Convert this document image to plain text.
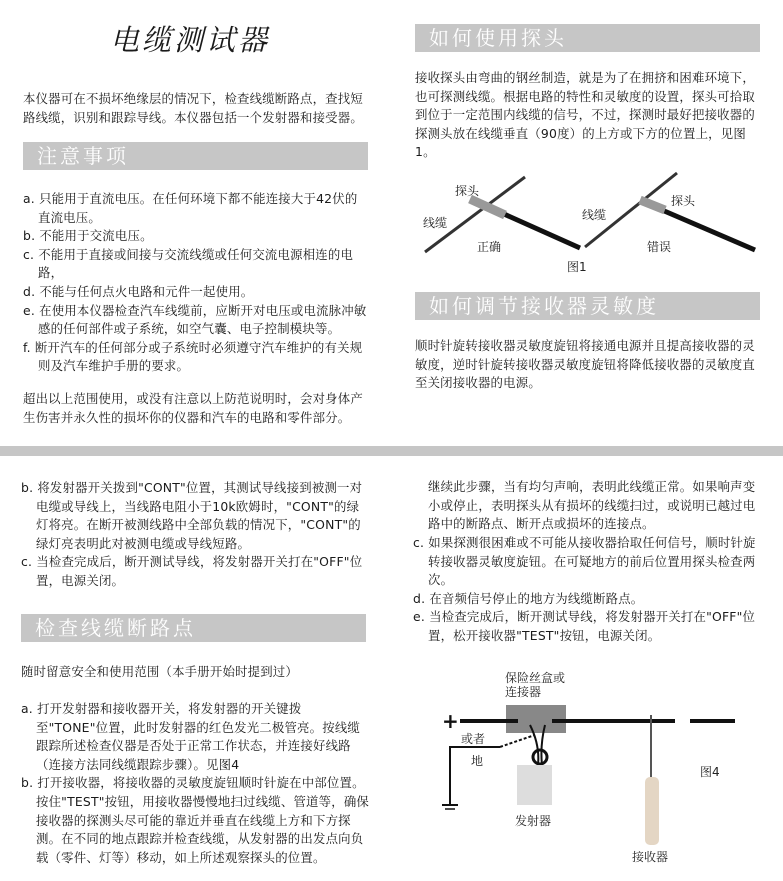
电缆测试器
本仪器可在不损坏绝缘层的情况下，检查线缆断路点，查找短路线缆，识别和跟踪导线。本仪器包括一个发射器和接受器。
注意事项
a. 只能用于直流电压。在任何环境下都不能连接大于42伏的直流电压。
b. 不能用于交流电压。
c. 不能用于直接或间接与交流线缆或任何交流电源相连的电路，
d. 不能与任何点火电路和元件一起使用。
e. 在使用本仪器检查汽车线缆前，应断开对电压或电流脉冲敏感的任何部件或子系统，如空气囊、电子控制模块等。
f. 断开汽车的任何部分或子系统时必须遵守汽车维护的有关规则及汽车维护手册的要求。
超出以上范围使用，或没有注意以上防范说明时，会对身体产生伤害并永久性的损坏你的仪器和汽车的电路和零件部分。
如何使用探头
接收探头由弯曲的钢丝制造，就是为了在拥挤和困难环境下，也可探测线缆。根据电路的特性和灵敏度的设置，探头可拾取到位于一定范围内线缆的信号，不过，探测时最好把接收器的探测头放在线缆垂直（90度）的上方或下方的位置上，见图1。
探头
线缆
正确
探头
线缆
错误
图1
如何调节接收器灵敏度
顺时针旋转接收器灵敏度旋钮将接通电源并且提高接收器的灵敏度，逆时针旋转接收器灵敏度旋钮将降低接收器的灵敏度直至关闭接收器的电源。
b. 将发射器开关拨到"CONT"位置，其测试导线接到被测一对电缆或导线上，当线路电阻小于10k欧姆时，"CONT"的绿灯将亮。在断开被测线路中全部负载的情况下，"CONT"的绿灯亮表明此对被测电缆或导线短路。
c. 当检查完成后，断开测试导线，将发射器开关打在"OFF"位置，电源关闭。
检查线缆断路点
随时留意安全和使用范围（本手册开始时提到过）
a. 打开发射器和接收器开关，将发射器的开关键拨至"TONE"位置，此时发射器的红色发光二极管亮。按线缆跟踪所述检查仪器是否处于正常工作状态，并连接好线路（连接方法同线缆跟踪步骤）。见图4
b. 打开接收器，将接收器的灵敏度旋钮顺时针旋在中部位置。按住"TEST"按钮，用接收器慢慢地扫过线缆、管道等，确保接收器的探测头尽可能的靠近并垂直在线缆上方和下方探测。在不同的地点跟踪并检查线缆，从发射器的出发点向负载（零件、灯等）移动，如上所述观察探头的位置。
继续此步骤，当有均匀声响，表明此线缆正常。如果响声变小或停止，表明探头从有损坏的线缆扫过，或说明已越过电路中的断路点、断开点或损坏的连接点。
c. 如果探测很困难或不可能从接收器拾取任何信号，顺时针旋转接收器灵敏度旋钮。在可疑地方的前后位置用探头检查两次。
d. 在音频信号停止的地方为线缆断路点。
e. 当检查完成后，断开测试导线，将发射器开关打在"OFF"位置，松开接收器"TEST"按钮，电源关闭。
保险丝盒或
连接器
+
或者
地
发射器
接收器
图4
